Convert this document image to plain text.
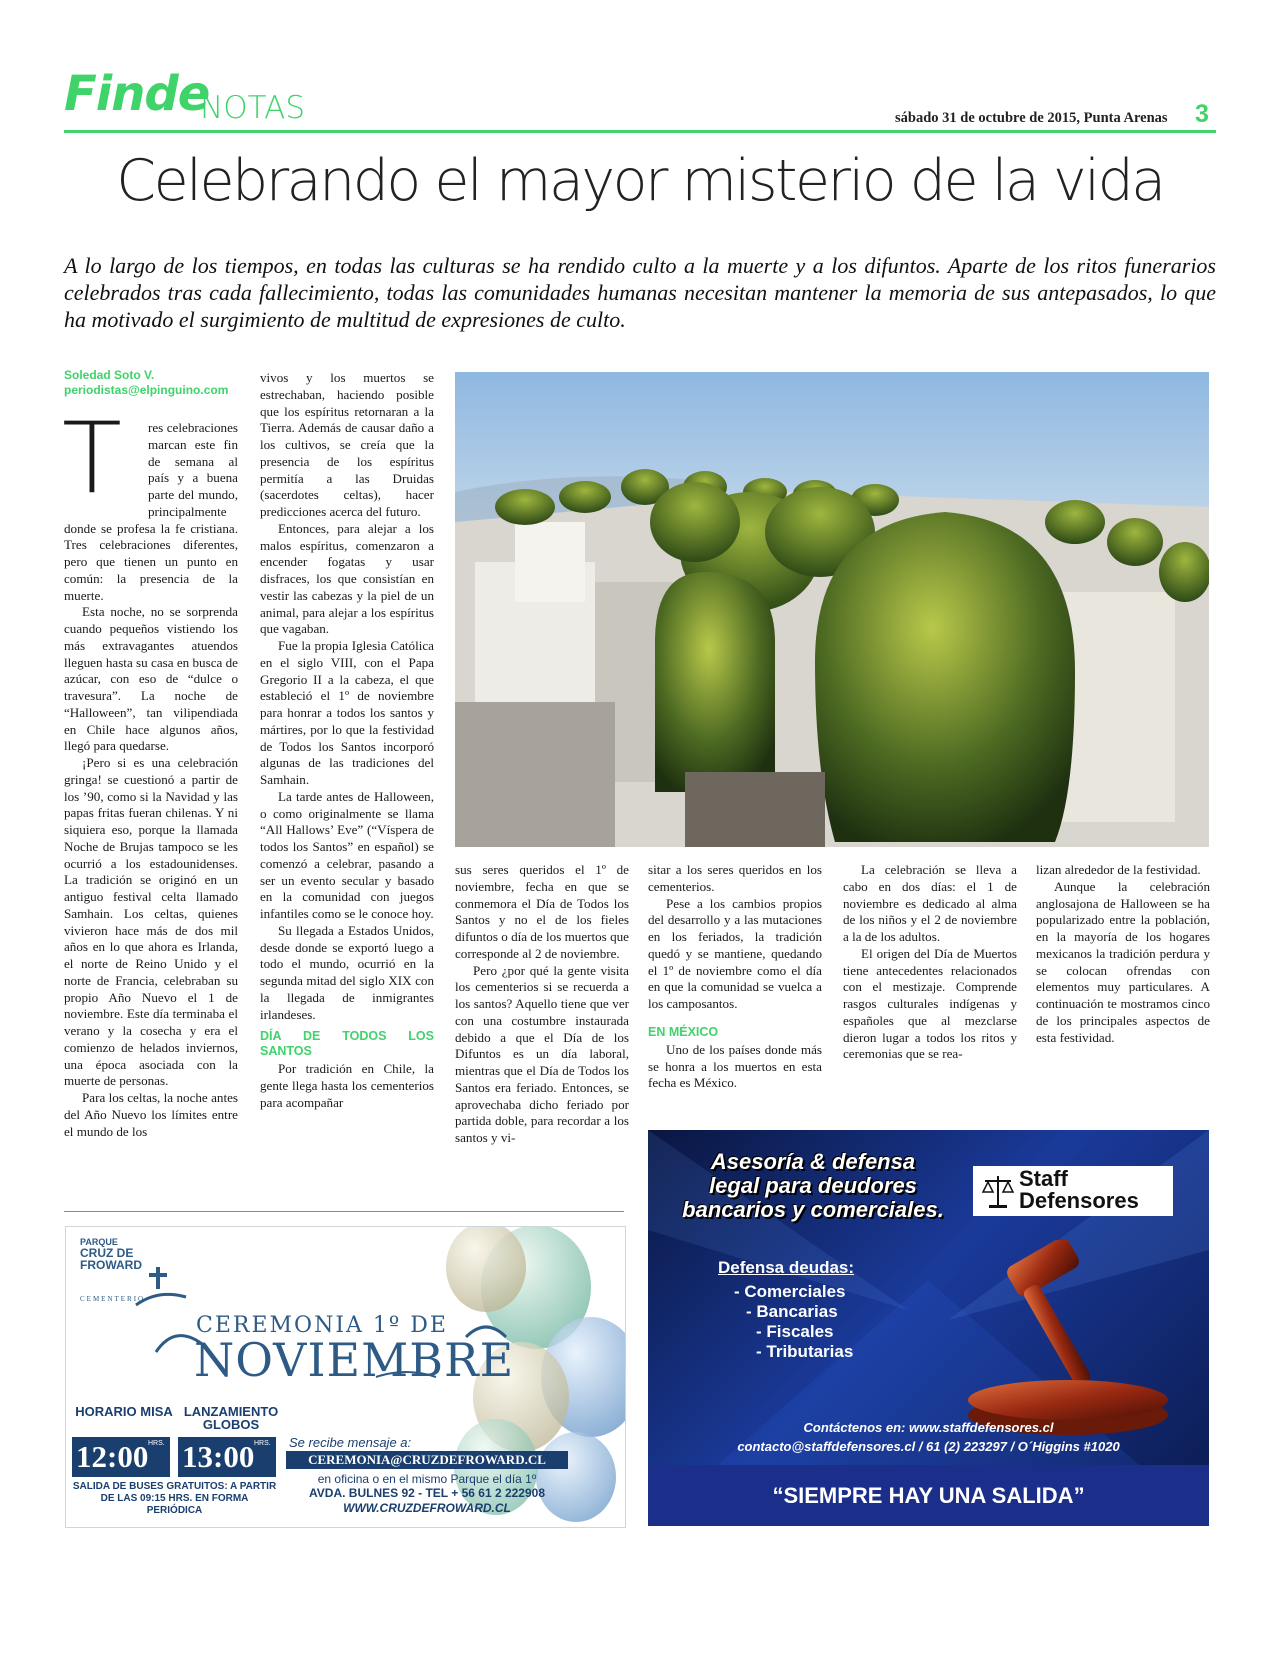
Finde
NOTAS	sábado 31 de octubre de 2015, Punta Arenas 3
Celebrando el mayor misterio de la vida
A lo largo de los tiempos, en todas las culturas se ha rendido culto a la muerte y a los difuntos. Aparte de los ritos funerarios celebrados tras cada fallecimiento, todas las comunidades humanas necesitan mantener la memoria de sus antepasados, lo que ha motivado el surgimiento de multitud de expresiones de culto.
Soledad Soto V.
periodistas@elpinguino.com
T	res celebraciones marcan este fin de semana al país y a buena parte del mundo, principalmente donde se profesa la fe cristiana. Tres celebraciones diferentes, pero que tienen un punto en común: la presencia de la muerte.

Esta noche, no se sorprenda cuando pequeños vistiendo los más extravagantes atuendos lleguen hasta su casa en busca de azúcar, con eso de “dulce o travesura”. La noche de “Halloween”, tan vilipendiada en Chile hace algunos años, llegó para quedarse.

¡Pero si es una celebración gringa! se cuestionó a partir de los ’90, como si la Navidad y las papas fritas fueran chilenas. Y ni siquiera eso, porque la llamada Noche de Brujas tampoco se les ocurrió a los estadounidenses. La tradición se originó en un antiguo festival celta llamado Samhain. Los celtas, quienes vivieron hace más de dos mil años en lo que ahora es Irlanda, el norte de Reino Unido y el norte de Francia, celebraban su propio Año Nuevo el 1 de noviembre. Este día terminaba el verano y la cosecha y era el comienzo de helados inviernos, una época asociada con la muerte de personas.

Para los celtas, la noche antes del Año Nuevo los límites entre el mundo de los

vivos y los muertos se estrechaban, haciendo posible que los espíritus retornaran a la Tierra. Además de causar daño a los cultivos, se creía que la presencia de los espíritus permitía a las Druidas (sacerdotes celtas), hacer predicciones acerca del futuro.

Entonces, para alejar a los malos espíritus, comenzaron a encender fogatas y usar disfraces, los que consistían en vestir las cabezas y la piel de un animal, para alejar a los espíritus que vagaban.

Fue la propia Iglesia Católica en el siglo VIII, con el Papa Gregorio II a la cabeza, el que estableció el 1º de noviembre para honrar a todos los santos y mártires, por lo que la festividad de Todos los Santos incorporó algunas de las tradiciones del Samhain.

La tarde antes de Halloween, o como originalmente se llama “All Hallows’ Eve” (“Víspera de todos los Santos” en español) se comenzó a celebrar, pasando a ser un evento secular y basado en la comunidad con juegos infantiles como se le conoce hoy.

Su llegada a Estados Unidos, desde donde se exportó luego a todo el mundo, ocurrió en la segunda mitad del siglo XIX con la llegada de inmigrantes irlandeses.

DÍA DE TODOS LOS SANTOS

Por tradición en Chile, la gente llega hasta los cementerios para acompañar

sus seres queridos el 1º de noviembre, fecha en que se conmemora el Día de Todos los Santos y no el de los fieles difuntos o día de los muertos que corresponde al 2 de noviembre.

Pero ¿por qué la gente visita los cementerios si se recuerda a los santos? Aquello tiene que ver con una costumbre instaurada debido a que el Día de los Difuntos es un día laboral, mientras que el Día de Todos los Santos era feriado. Entonces, se aprovechaba dicho feriado por partida doble, para recordar a los santos y vi-

sitar a los seres queridos en los cementerios.

Pese a los cambios propios del desarrollo y a las mutaciones en los feriados, la tradición quedó y se mantiene, quedando el 1º de noviembre como el día en que la comunidad se vuelca a los camposantos.

EN MÉXICO

Uno de los países donde más se honra a los muertos en esta fecha es México.

La celebración se lleva a cabo en dos días: el 1 de noviembre es dedicado al alma de los niños y el 2 de noviembre a la de los adultos.

El origen del Día de Muertos tiene antecedentes relacionados con el mestizaje. Comprende rasgos culturales indígenas y españoles que al mezclarse dieron lugar a todos los ritos y ceremonias que se rea-

lizan alrededor de la festividad.

Aunque la celebración anglosajona de Halloween se ha popularizado entre la población, en la mayoría de los hogares mexicanos la tradición perdura y se colocan ofrendas con elementos muy particulares. A continuación te mostramos cinco de los principales aspectos de esta festividad.

PARQUE
CRUZ DE
FROWARD
CEMENTERIO
CEREMONIA 1º DE
NOVIEMBRE
HORARIO MISA LANZAMIENTO GLOBOS
12:00 HRS. 13:00 HRS.
SALIDA DE BUSES GRATUITOS: A PARTIR DE LAS 09:15 HRS. EN FORMA PERIÓDICA
Se recibe mensaje a:
CEREMONIA@CRUZDEFROWARD.CL
en oficina o en el mismo Parque el día 1º
AVDA. BULNES 92 - TEL + 56 61 2 222908
WWW.CRUZDEFROWARD.CL
Asesoría & defensa
legal para deudores
bancarios y comerciales.
Staff
Defensores
Defensa deudas:
- Comerciales
- Bancarias
- Fiscales
- Tributarias
Contáctenos en: www.staffdefensores.cl
contacto@staffdefensores.cl / 61 (2) 223297 / O´Higgins #1020
“SIEMPRE HAY UNA SALIDA”
